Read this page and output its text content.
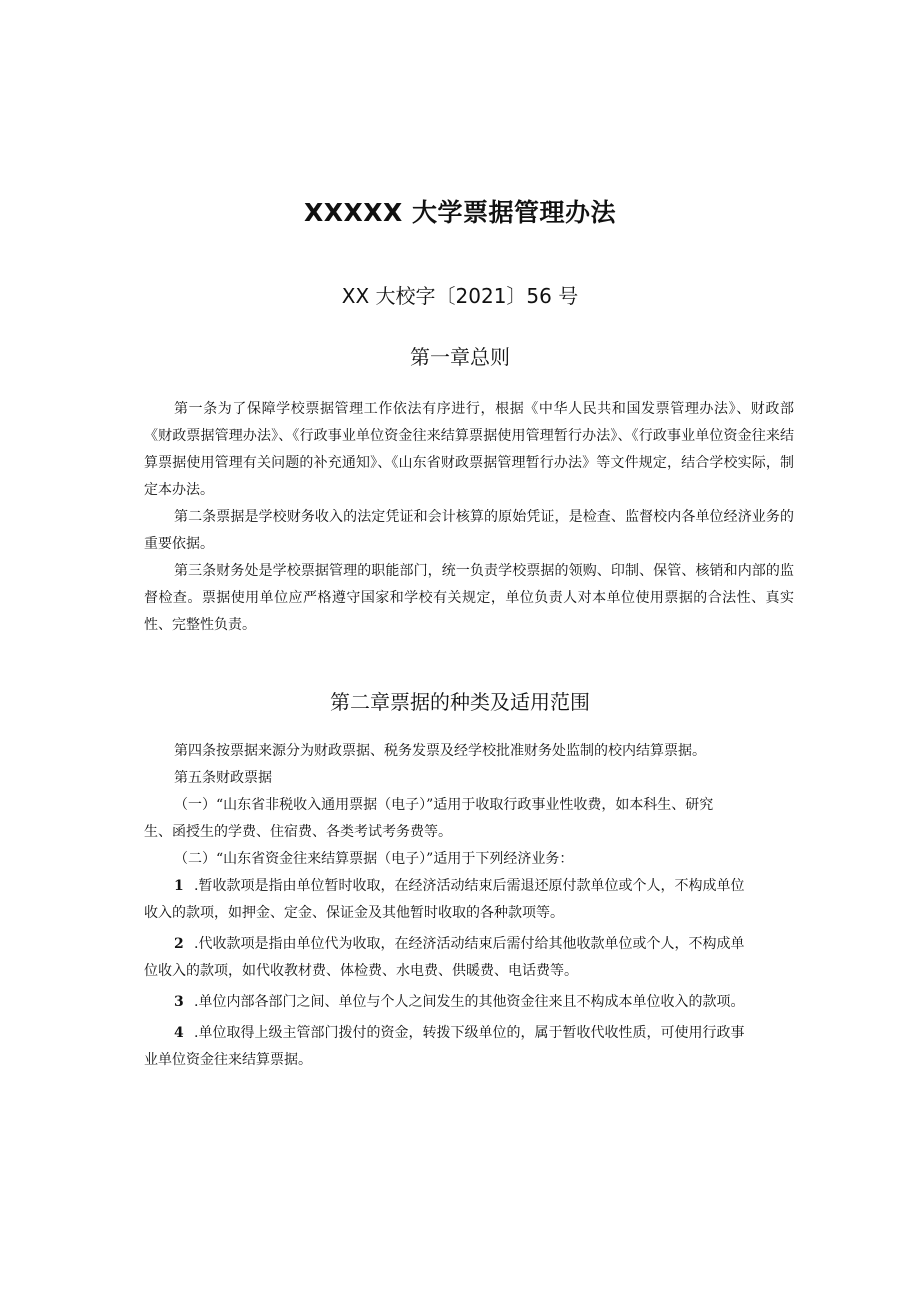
XXXXX 大学票据管理办法
XX 大校字〔2021〕56 号
第一章总则

第一条为了保障学校票据管理工作依法有序进行，根据《中华人民共和国发票管理办法》、财政部《财政票据管理办法》、《行政事业单位资金往来结算票据使用管理暂行办法》、《行政事业单位资金往来结算票据使用管理有关问题的补充通知》、《山东省财政票据管理暂行办法》等文件规定，结合学校实际，制定本办法。

第二条票据是学校财务收入的法定凭证和会计核算的原始凭证，是检查、监督校内各单位经济业务的重要依据。

第三条财务处是学校票据管理的职能部门，统一负责学校票据的领购、印制、保管、核销和内部的监督检查。票据使用单位应严格遵守国家和学校有关规定，单位负责人对本单位使用票据的合法性、真实性、完整性负责。

第二章票据的种类及适用范围

第四条按票据来源分为财政票据、税务发票及经学校批准财务处监制的校内结算票据。

第五条财政票据

（一）“山东省非税收入通用票据（电子）”适用于收取行政事业性收费，如本科生、研究

生、函授生的学费、住宿费、各类考试考务费等。

（二）“山东省资金往来结算票据（电子）”适用于下列经济业务：

1 .暂收款项是指由单位暂时收取，在经济活动结束后需退还原付款单位或个人，不构成单位

收入的款项，如押金、定金、保证金及其他暂时收取的各种款项等。

2 .代收款项是指由单位代为收取，在经济活动结束后需付给其他收款单位或个人，不构成单

位收入的款项，如代收教材费、体检费、水电费、供暖费、电话费等。

3 .单位内部各部门之间、单位与个人之间发生的其他资金往来且不构成本单位收入的款项。

4 .单位取得上级主管部门拨付的资金，转拨下级单位的，属于暂收代收性质，可使用行政事

业单位资金往来结算票据。
